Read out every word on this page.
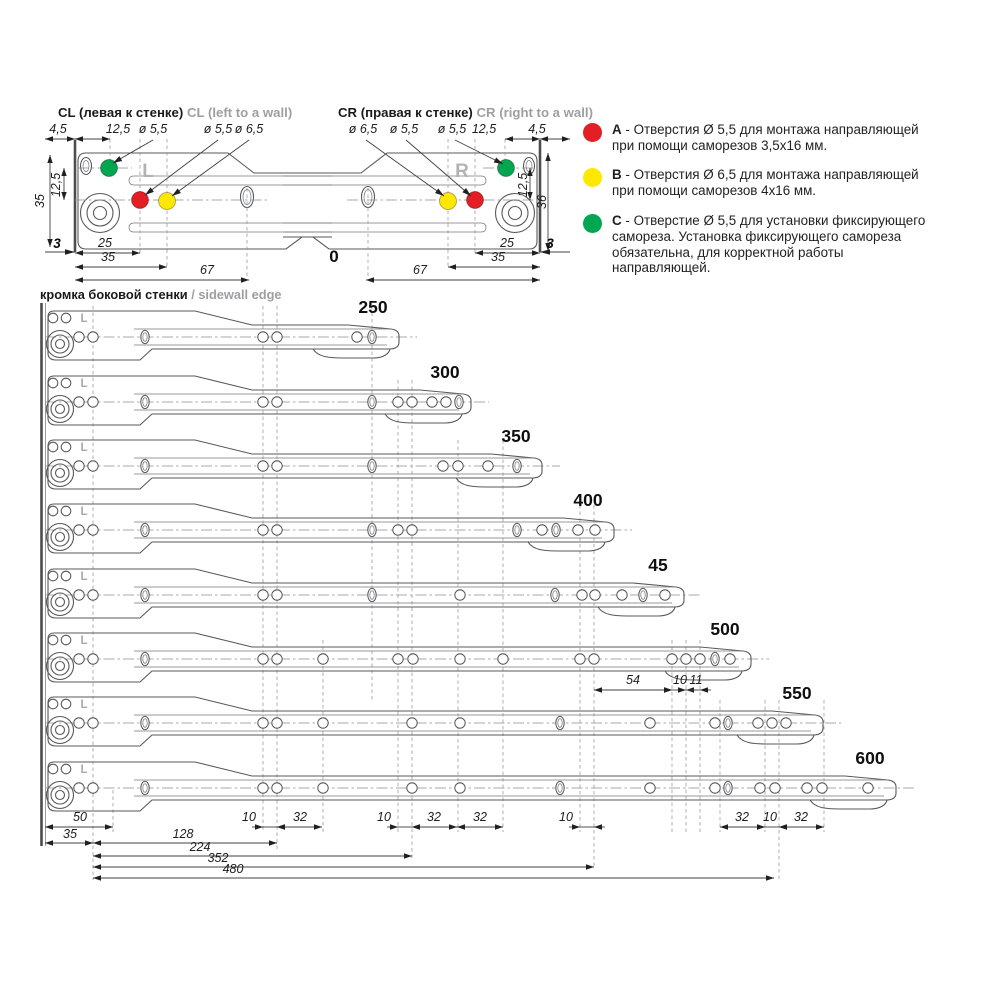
L
4,5	12,5 ø 5,5	ø 5,5 ø 6,5
35
12,5
3	25
35
67
R
ø 6,5 ø 5,5 ø 5,5 12,5	4,5
12,5
36
25 3
35
67
0
L
250
L
300
L
350
L
400
L
45
L
500
L
550
L
600
50	10	32	10	32	32	10	32 10 32
35	128
224
352
480
54	10 11
CL (левая к стенке) CL (left to a wall)	CR (правая к стенке) CR (right to a wall)
кромка боковой стенки / sidewall edge
A - Отверстия Ø 5,5 для монтажа направляющей
при помощи саморезов 3,5х16 мм.
B - Отверстия Ø 6,5 для монтажа направляющей
при помощи саморезов 4х16 мм.
C - Отверстие Ø 5,5 для установки фиксирующего
самореза. Установка фиксирующего самореза
обязательна, для корректной работы
направляющей.
